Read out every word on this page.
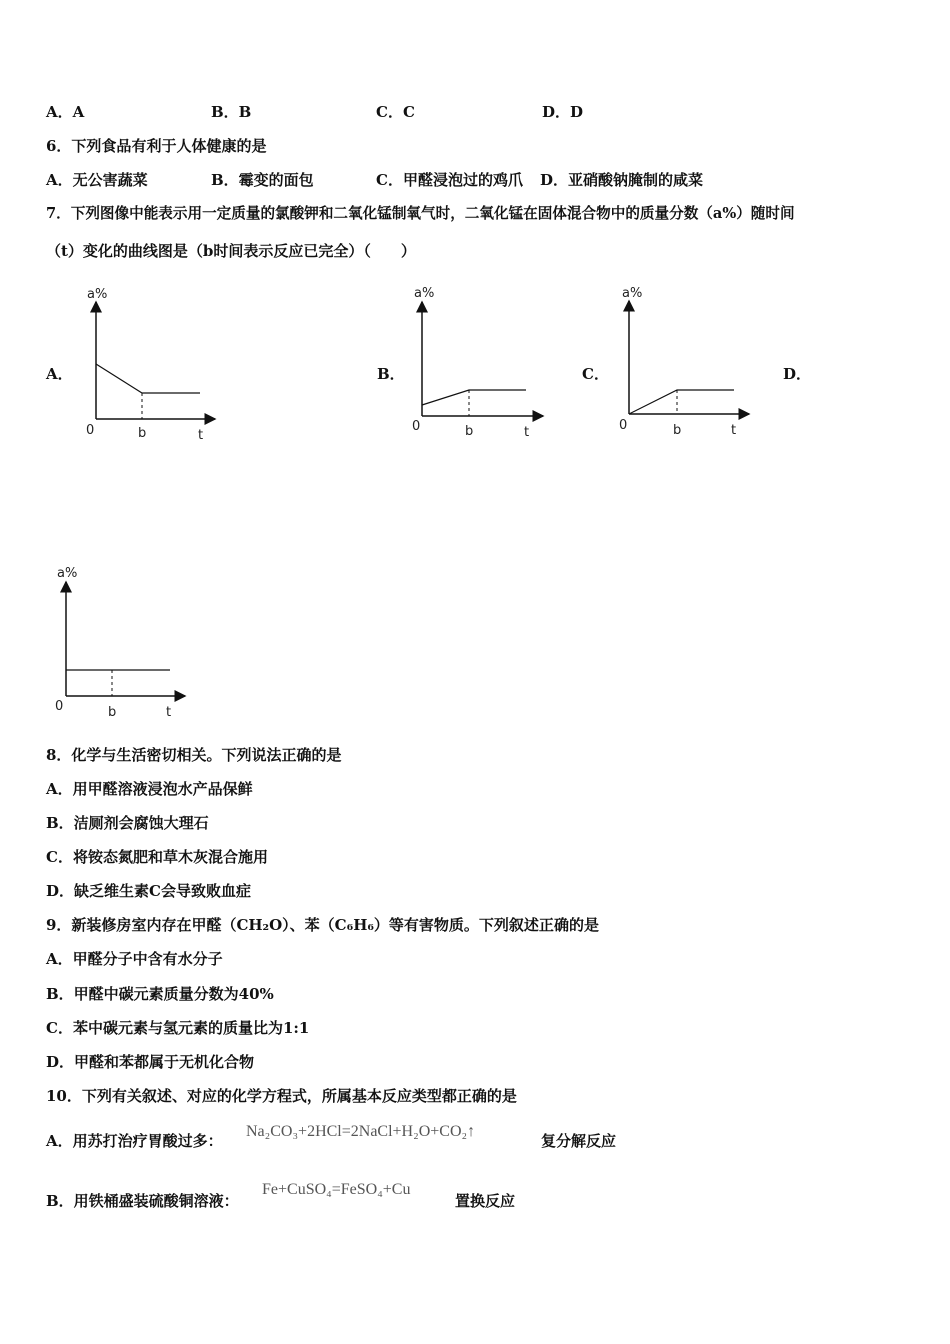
A．A	B．B	C．C	D．D
6．下列食品有利于人体健康的是
A．无公害蔬菜	B．霉变的面包	C．甲醛浸泡过的鸡爪 D．亚硝酸钠腌制的咸菜
7．下列图像中能表示用一定质量的氯酸钾和二氧化锰制氧气时，二氧化锰在固体混合物中的质量分数（a%）随时间
（t）变化的曲线图是（b时间表示反应已完全）（　　）
A．	B．	C．	D．
a%
0	b	t
a%
0	b	t
a%
0	b	t
a%
0	b	t
8．化学与生活密切相关。下列说法正确的是
A．用甲醛溶液浸泡水产品保鲜
B．洁厕剂会腐蚀大理石
C．将铵态氮肥和草木灰混合施用
D．缺乏维生素C会导致败血症
9．新装修房室内存在甲醛（CH₂O）、苯（C₆H₆）等有害物质。下列叙述正确的是
A．甲醛分子中含有水分子
B．甲醛中碳元素质量分数为40%
C．苯中碳元素与氢元素的质量比为1:1
D．甲醛和苯都属于无机化合物
10．下列有关叙述、对应的化学方程式，所属基本反应类型都正确的是
A．用苏打治疗胃酸过多：
Na₂CO₃+2HCl=2NaCl+H₂O+CO₂↑
复分解反应
B．用铁桶盛装硫酸铜溶液：
Fe+CuSO₄=FeSO₄+Cu
置换反应
